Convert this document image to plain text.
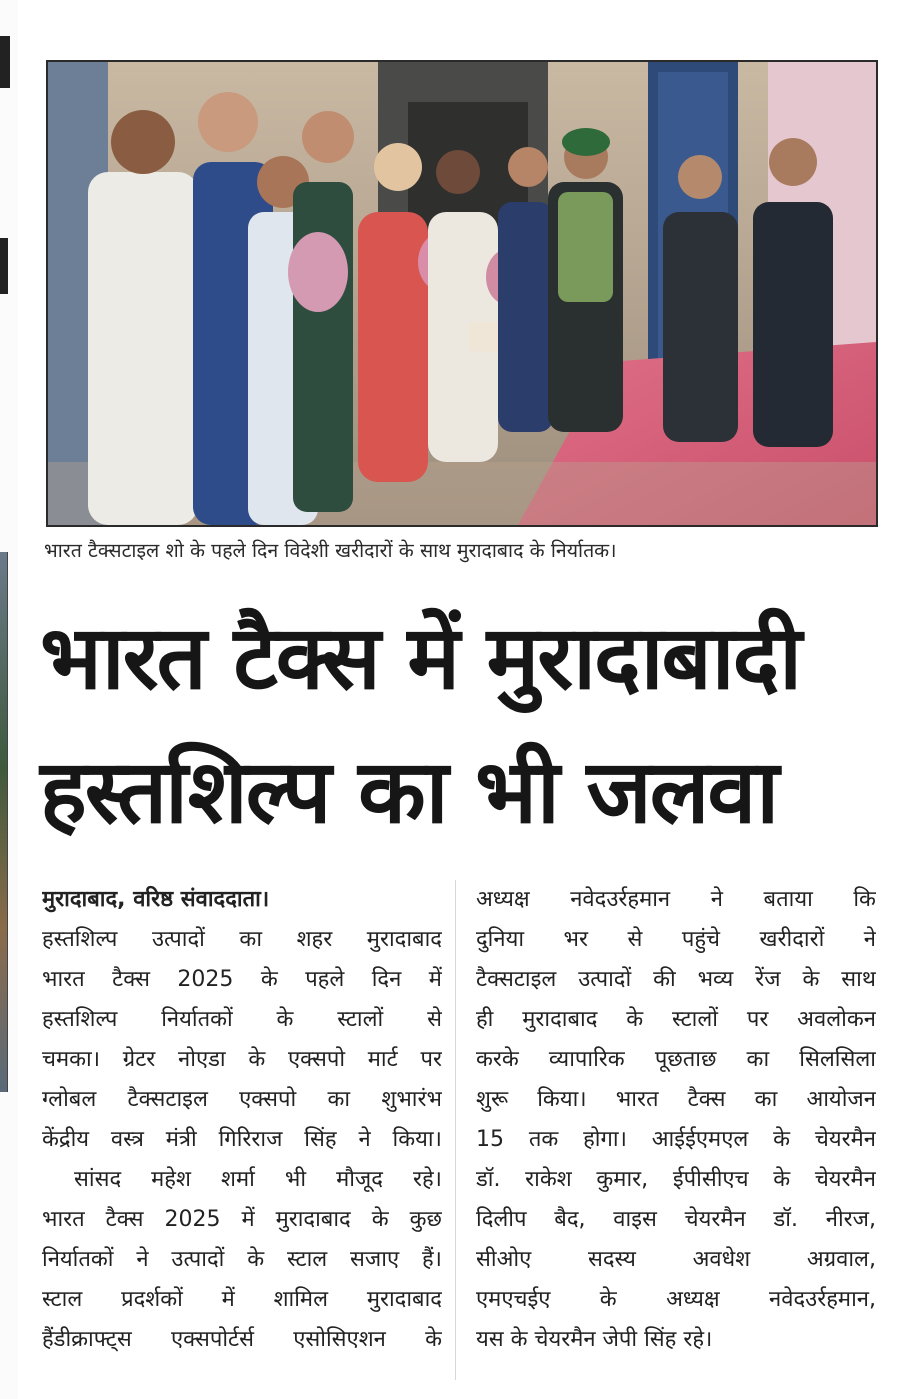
भारत टैक्सटाइल शो के पहले दिन विदेशी खरीदारों के साथ मुरादाबाद के निर्यातक।
भारत टैक्स में मुरादाबादी
हस्तशिल्प का भी जलवा
मुरादाबाद, वरिष्ठ संवाददाता।
हस्तशिल्प उत्पादों का शहर मुरादाबाद
भारत टैक्स 2025 के पहले दिन में
हस्तशिल्प निर्यातकों के स्टालों से
चमका। ग्रेटर नोएडा के एक्सपो मार्ट पर
ग्लोबल टैक्सटाइल एक्सपो का शुभारंभ
केंद्रीय वस्त्र मंत्री गिरिराज सिंह ने किया।
सांसद महेश शर्मा भी मौजूद रहे।
भारत टैक्स 2025 में मुरादाबाद के कुछ
निर्यातकों ने उत्पादों के स्टाल सजाए हैं।
स्टाल प्रदर्शकों में शामिल मुरादाबाद
हैंडीक्राफ्ट्स एक्सपोर्टर्स एसोसिएशन के
अध्यक्ष नवेदउर्रहमान ने बताया कि
दुनिया भर से पहुंचे खरीदारों ने
टैक्सटाइल उत्पादों की भव्य रेंज के साथ
ही मुरादाबाद के स्टालों पर अवलोकन
करके व्यापारिक पूछताछ का सिलसिला
शुरू किया। भारत टैक्स का आयोजन
15 तक होगा। आईईएमएल के चेयरमैन
डॉ. राकेश कुमार, ईपीसीएच के चेयरमैन
दिलीप बैद, वाइस चेयरमैन डॉ. नीरज,
सीओए	सदस्य	अवधेश	अग्रवाल,
एमएचईए के अध्यक्ष नवेदउर्रहमान,
यस के चेयरमैन जेपी सिंह रहे।
